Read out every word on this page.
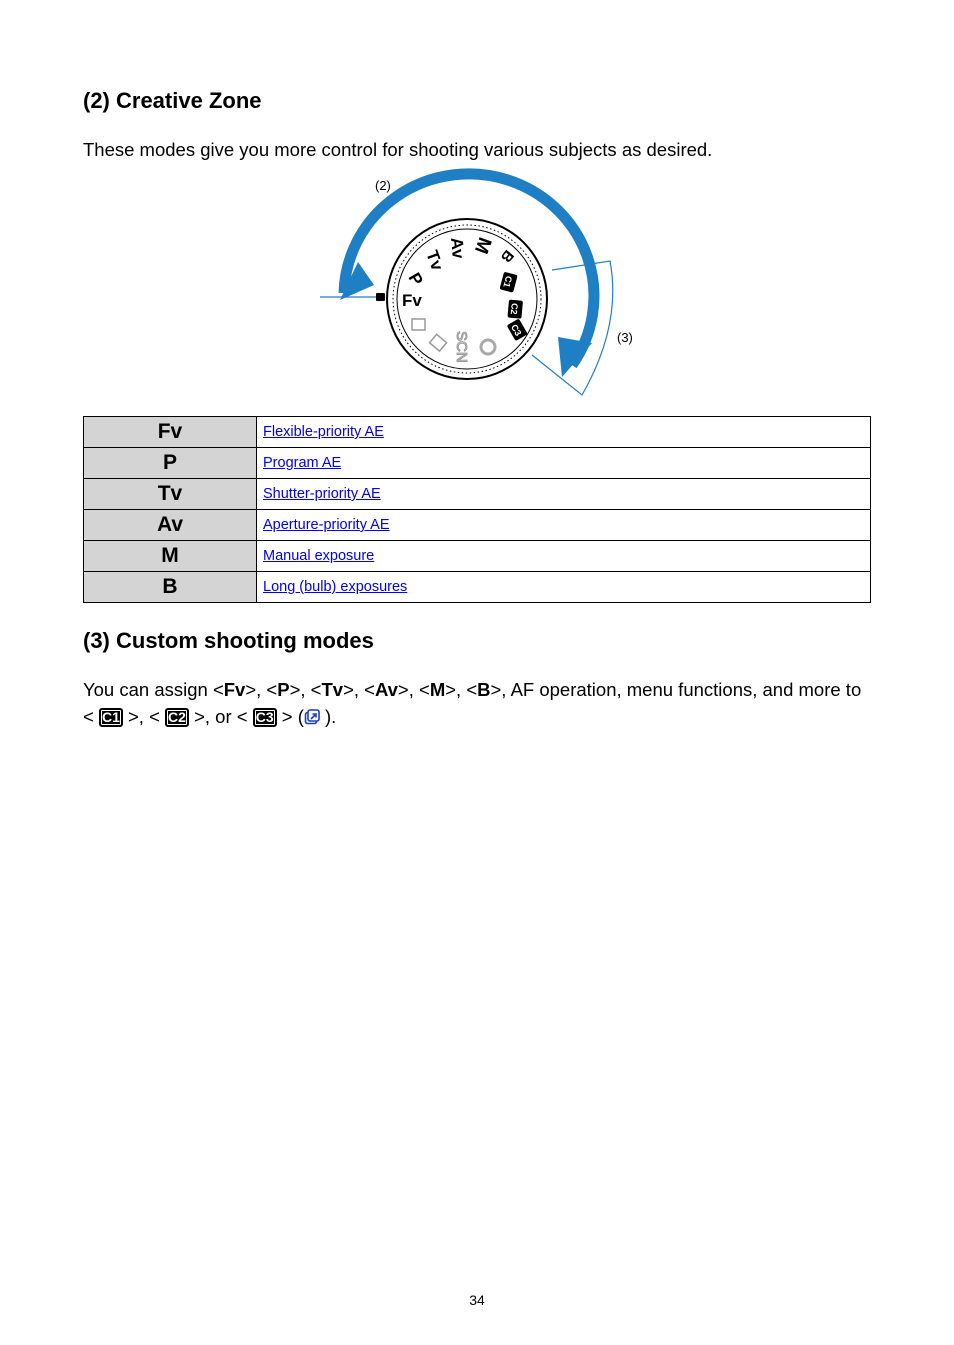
(2) Creative Zone

These modes give you more control for shooting various subjects as desired.

Fv
P
Tv Av M B
C1
C2
C3
SCN
(2)
(3)
Fv	Flexible-priority AE
P	Program AE
Tv	Shutter-priority AE
Av	Aperture-priority AE
M	Manual exposure
B	Long (bulb) exposures
(3) Custom shooting modes

You can assign <Fv>, <P>, <Tv>, <Av>, <M>, <B>, AF operation, menu functions, and more to < C1 >, < C2 >, or < C3 > ( ).

34
